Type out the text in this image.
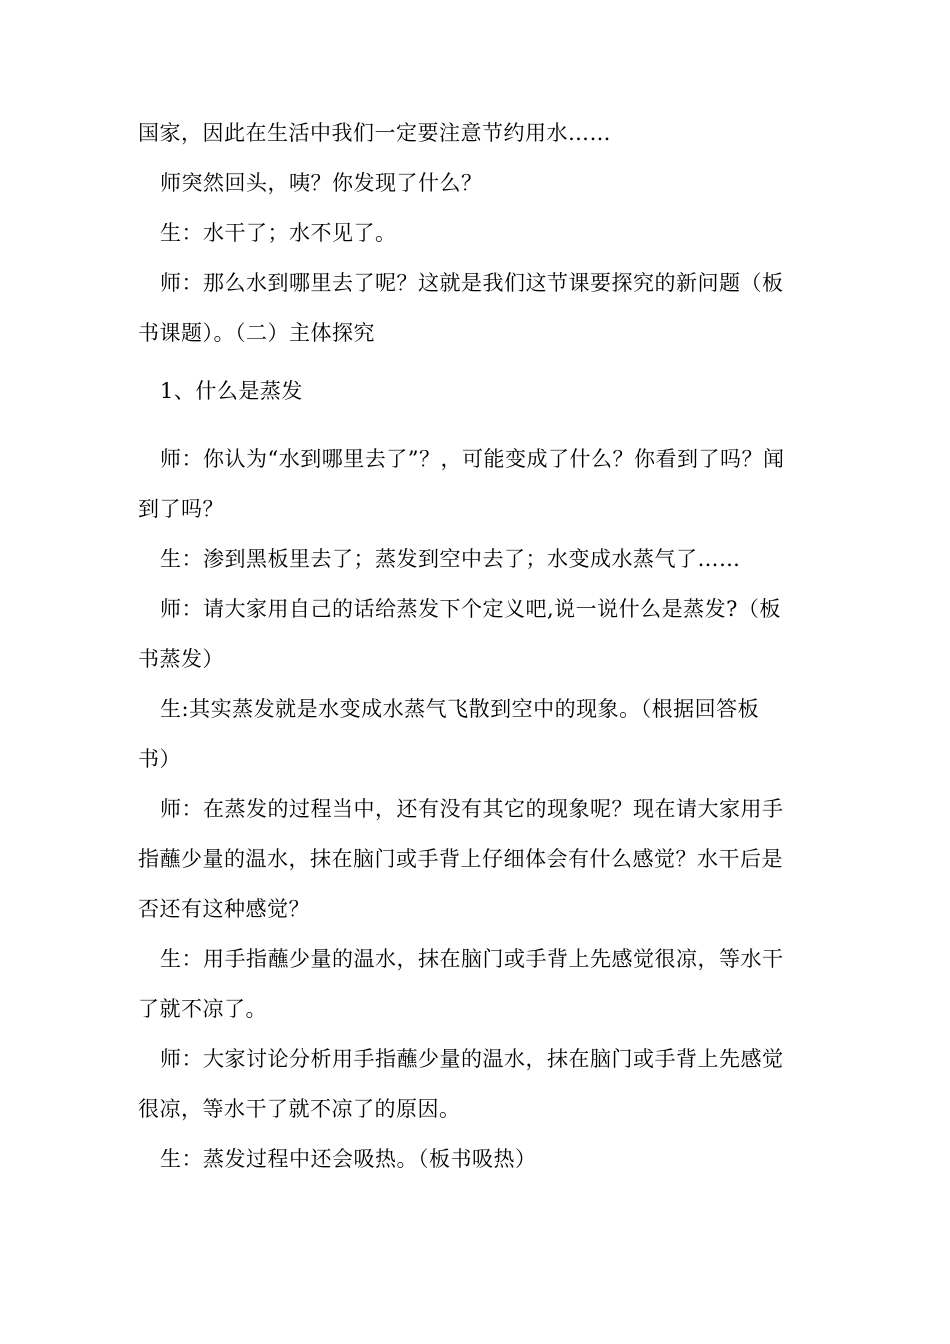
国家，因此在生活中我们一定要注意节约用水……
师突然回头，咦？你发现了什么？
生：水干了；水不见了。
师：那么水到哪里去了呢？这就是我们这节课要探究的新问题（板
书课题）。（二）主体探究
1、什么是蒸发
师：你认为“水到哪里去了”？，可能变成了什么？你看到了吗？闻
到了吗？
生：渗到黑板里去了；蒸发到空中去了；水变成水蒸气了……
师：请大家用自己的话给蒸发下个定义吧,说一说什么是蒸发?（板
书蒸发）
生:其实蒸发就是水变成水蒸气飞散到空中的现象。（根据回答板
书）
师：在蒸发的过程当中，还有没有其它的现象呢？现在请大家用手
指蘸少量的温水，抹在脑门或手背上仔细体会有什么感觉？水干后是
否还有这种感觉？
生：用手指蘸少量的温水，抹在脑门或手背上先感觉很凉，等水干
了就不凉了。
师：大家讨论分析用手指蘸少量的温水，抹在脑门或手背上先感觉
很凉，等水干了就不凉了的原因。
生：蒸发过程中还会吸热。（板书吸热）
